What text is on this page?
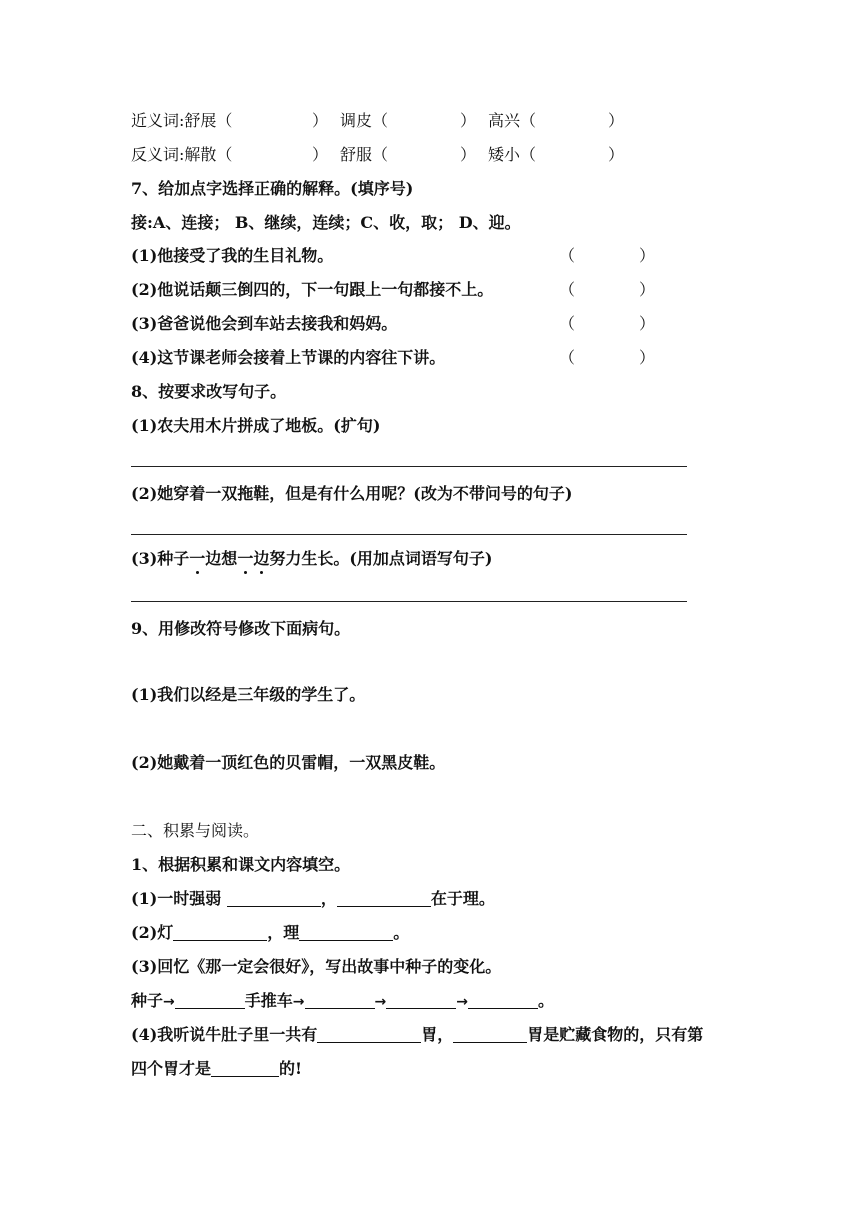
近义词:舒展（	） 调皮（	） 高兴（	）
反义词:解散（	） 舒服（	） 矮小（	）
7、给加点字选择正确的解释。(填序号)
接:A、连接； B、继续，连续；C、收，取； D、迎。
(1)他接受了我的生目礼物。	（	）
(2)他说话颠三倒四的，下一句跟上一句都接不上。	（	）
(3)爸爸说他会到车站去接我和妈妈。	（	）
(4)这节课老师会接着上节课的内容往下讲。	（	）
8、按要求改写句子。
(1)农夫用木片拼成了地板。(扩句)
(2)她穿着一双拖鞋，但是有什么用呢？(改为不带问号的句子)
(3)种子一边想一边努力生长。(用加点词语写句子)
9、用修改符号修改下面病句。
(1)我们以经是三年级的学生了。
(2)她戴着一顶红色的贝雷帽，一双黑皮鞋。
二、积累与阅读。
1、根据积累和课文内容填空。
(1)一时强弱	，	在于理。
(2)灯	，理	。
(3)回忆《那一定会很好》，写出故事中种子的变化。
种子→	手推车→	→	→	。
(4)我听说牛肚子里一共有	胃，	胃是贮藏食物的，只有第
四个胃才是	的!
